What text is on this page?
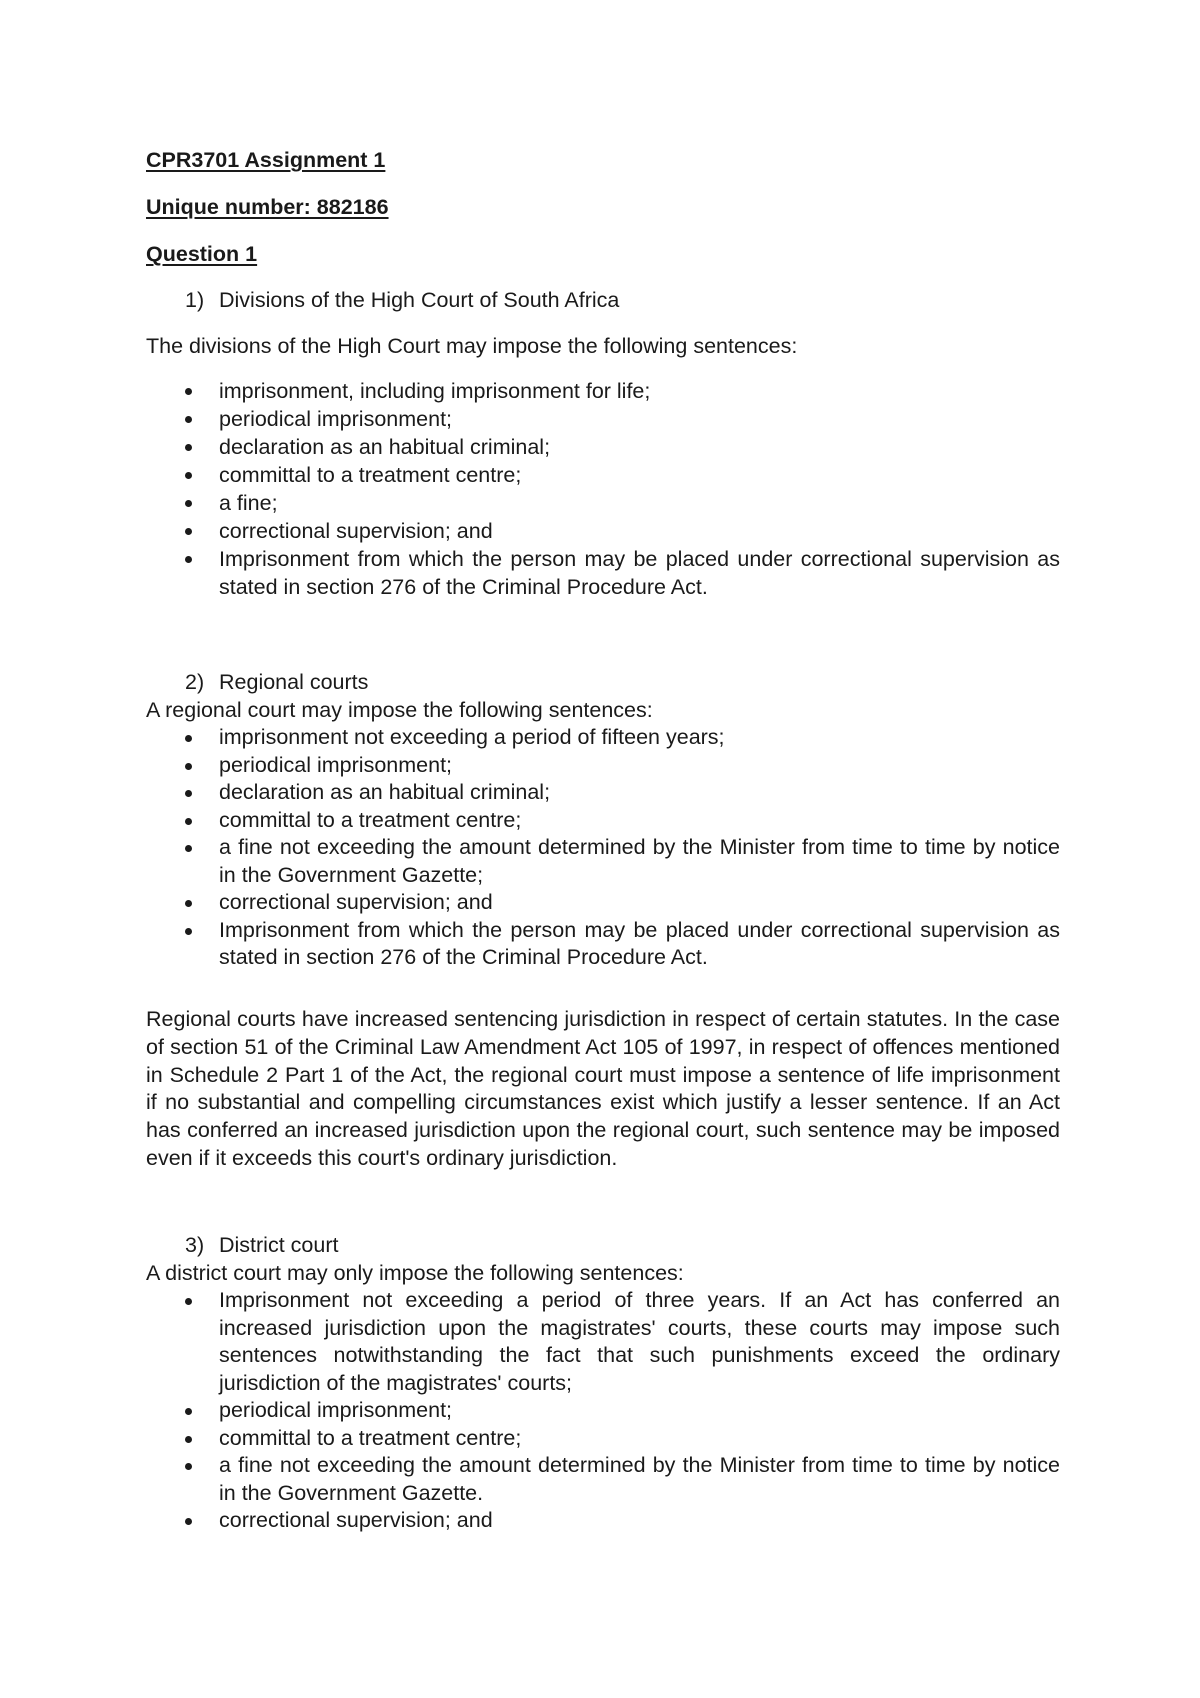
CPR3701 Assignment 1

Unique number: 882186

Question 1

1) Divisions of the High Court of South Africa

The divisions of the High Court may impose the following sentences:

imprisonment, including imprisonment for life;
periodical imprisonment;
declaration as an habitual criminal;
committal to a treatment centre;
a fine;
correctional supervision; and
Imprisonment from which the person may be placed under correctional supervision as stated in section 276 of the Criminal Procedure Act.

2) Regional courts

A regional court may impose the following sentences:

imprisonment not exceeding a period of fifteen years;
periodical imprisonment;
declaration as an habitual criminal;
committal to a treatment centre;
a fine not exceeding the amount determined by the Minister from time to time by notice in the Government Gazette;
correctional supervision; and
Imprisonment from which the person may be placed under correctional supervision as stated in section 276 of the Criminal Procedure Act.

Regional courts have increased sentencing jurisdiction in respect of certain statutes. In the case of section 51 of the Criminal Law Amendment Act 105 of 1997, in respect of offences mentioned in Schedule 2 Part 1 of the Act, the regional court must impose a sentence of life imprisonment if no substantial and compelling circumstances exist which justify a lesser sentence. If an Act has conferred an increased jurisdiction upon the regional court, such sentence may be imposed even if it exceeds this court's ordinary jurisdiction.

3) District court

A district court may only impose the following sentences:

Imprisonment not exceeding a period of three years. If an Act has conferred an increased jurisdiction upon the magistrates' courts, these courts may impose such sentences notwithstanding the fact that such punishments exceed the ordinary jurisdiction of the magistrates' courts;
periodical imprisonment;
committal to a treatment centre;
a fine not exceeding the amount determined by the Minister from time to time by notice in the Government Gazette.
correctional supervision; and
